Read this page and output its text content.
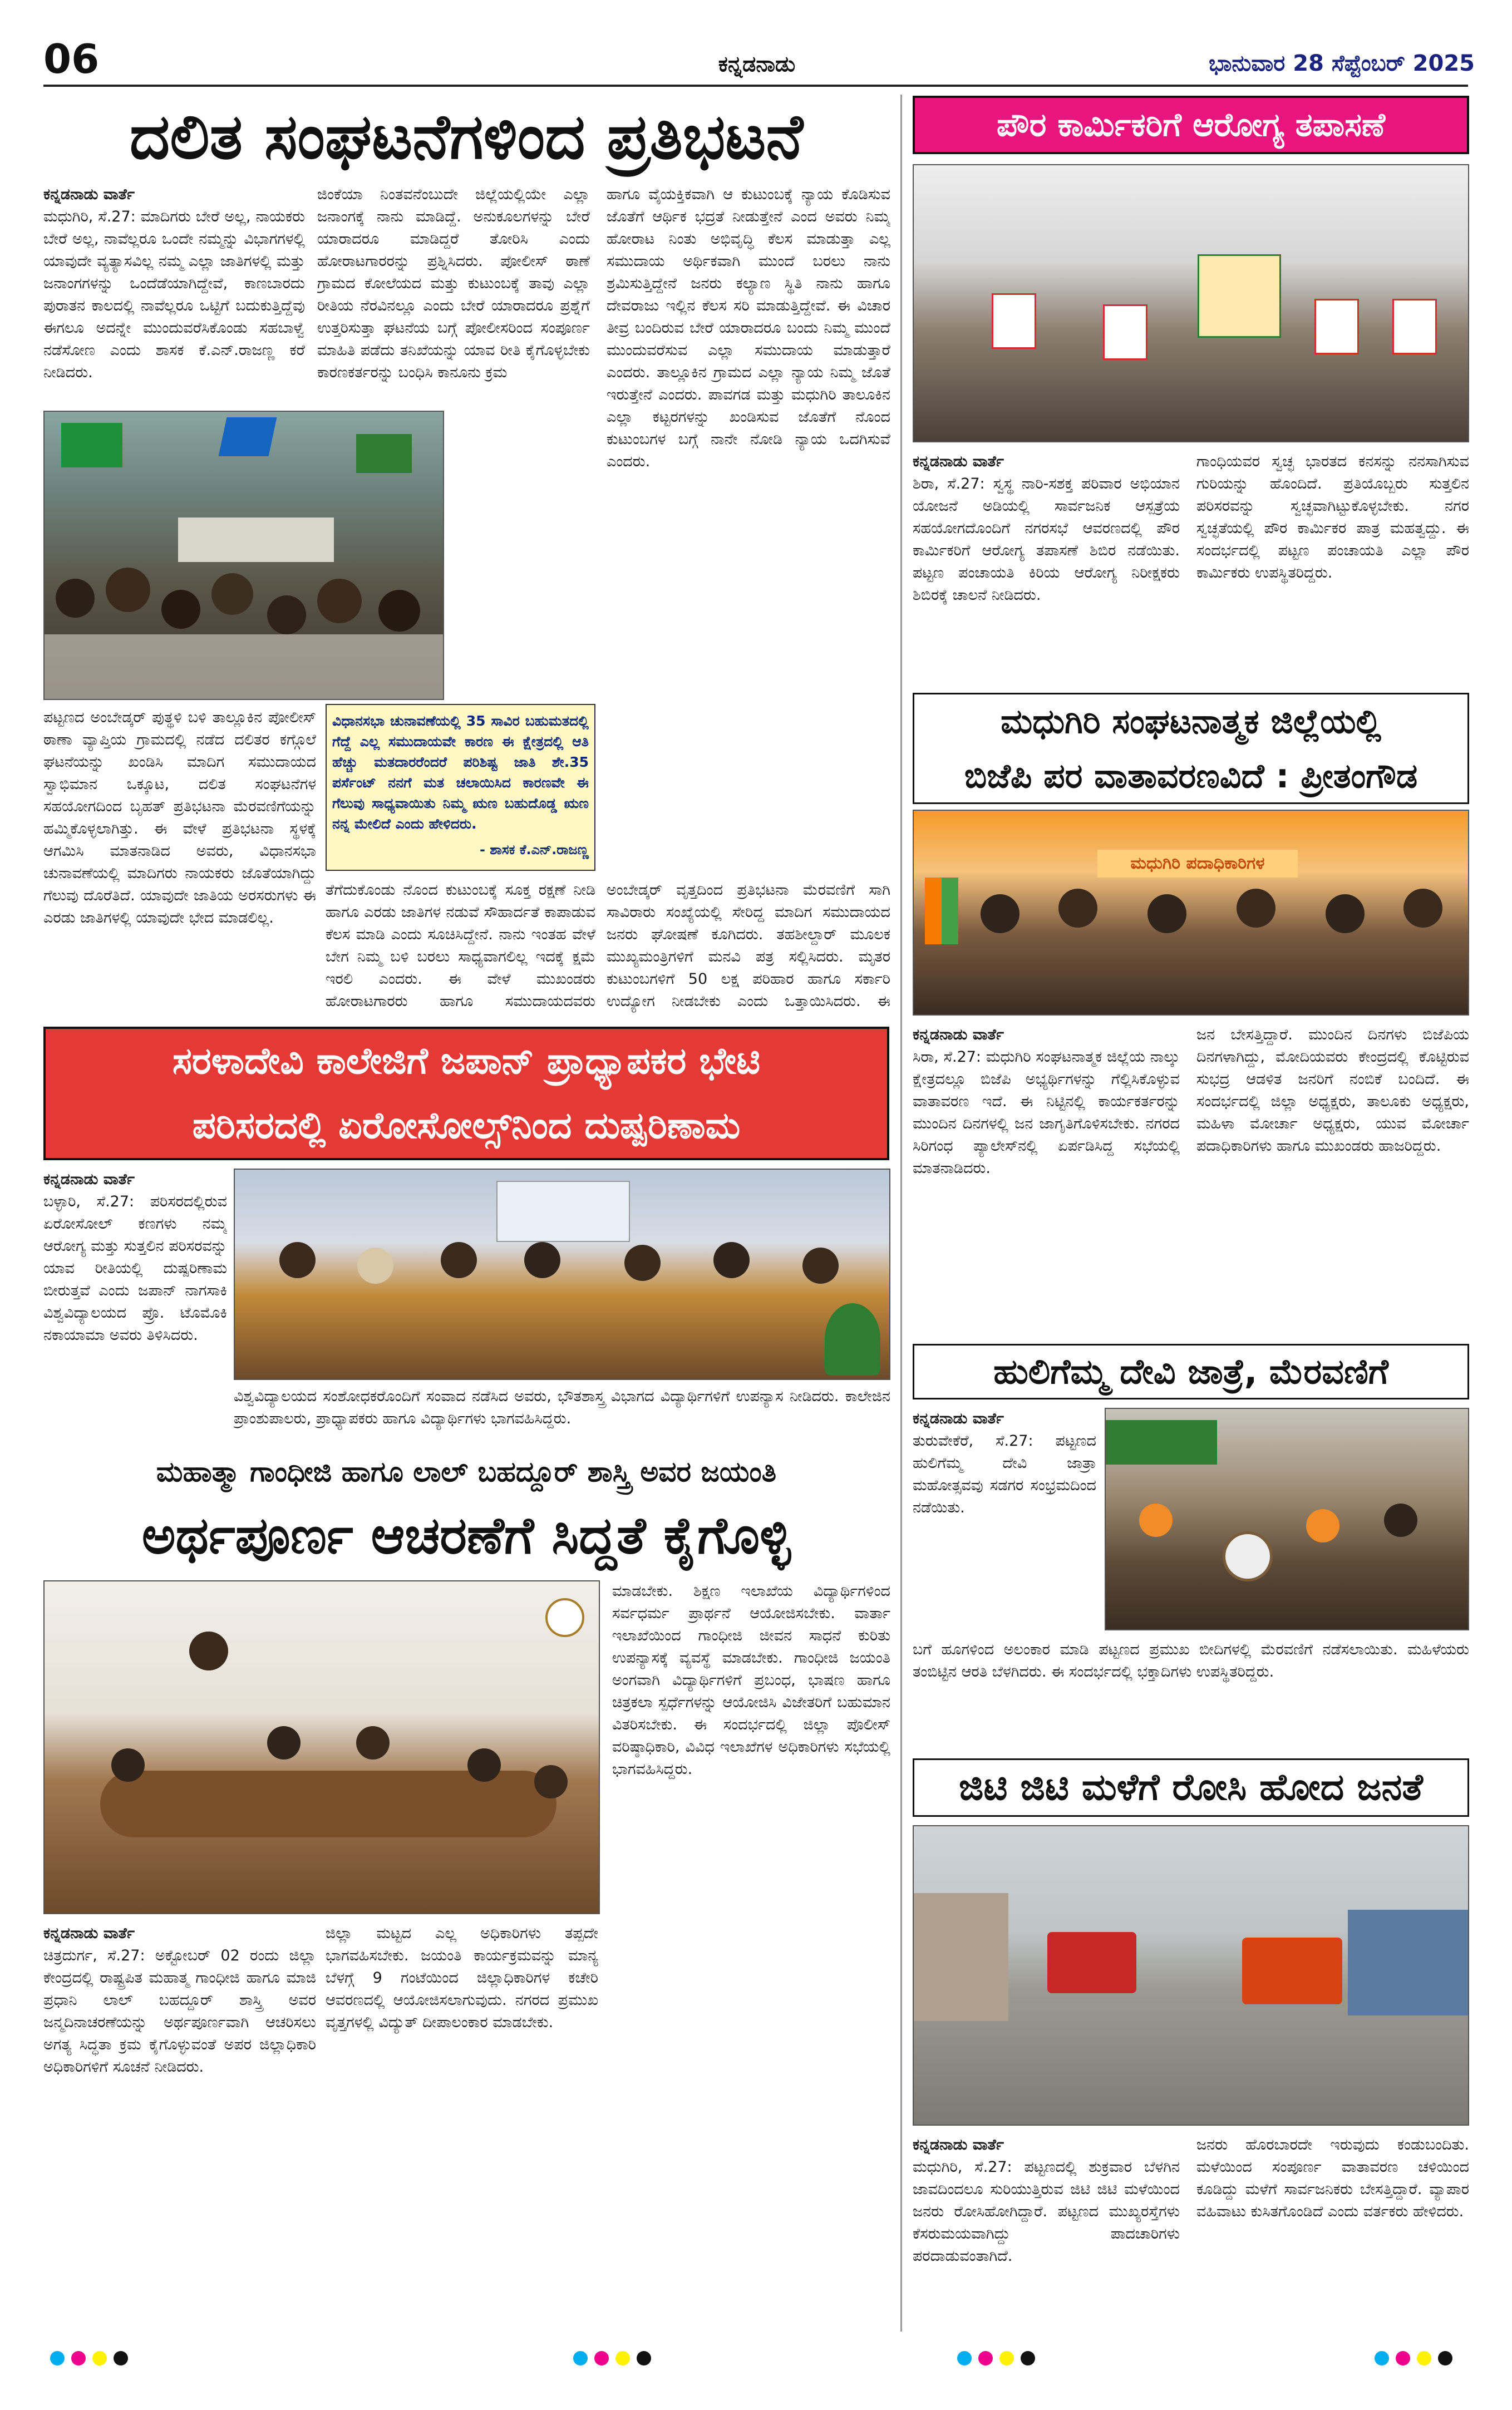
06	ಕನ್ನಡನಾಡು	ಭಾನುವಾರ 28 ಸೆಪ್ಟೆಂಬರ್ 2025
ದಲಿತ ಸಂಘಟನೆಗಳಿಂದ ಪ್ರತಿಭಟನೆ
ಕನ್ನಡನಾಡು ವಾರ್ತೆ
ಮಧುಗಿರಿ, ಸೆ.27: ಮಾದಿಗರು ಬೇರೆ ಅಲ್ಲ, ನಾಯಕರು ಬೇರೆ ಅಲ್ಲ, ನಾವೆಲ್ಲರೂ ಒಂದೇ ನಮ್ಮನ್ನು ವಿಭಾಗಗಳಲ್ಲಿ ಯಾವುದೇ ವ್ಯತ್ಯಾಸವಿಲ್ಲ ನಮ್ಮ ಎಲ್ಲಾ ಜಾತಿಗಳಲ್ಲಿ ಮತ್ತು ಜನಾಂಗಗಳನ್ನು ಒಂದೆಡೆಯಾಗಿದ್ದೇವೆ, ಕಾಣಬಾರದು ಪುರಾತನ ಕಾಲದಲ್ಲಿ ನಾವೆಲ್ಲರೂ ಒಟ್ಟಿಗೆ ಬದುಕುತ್ತಿದ್ದೆವು ಈಗಲೂ ಅದನ್ನೇ ಮುಂದುವರೆಸಿಕೊಂಡು ಸಹಬಾಳ್ವೆ ನಡೆಸೋಣ ಎಂದು ಶಾಸಕ ಕೆ.ಎನ್.ರಾಜಣ್ಣ ಕರೆ ನೀಡಿದರು.
ಜಿಂಕೆಯಾ ನಿಂತವನೆಂಬುದೇ ಜಿಲ್ಲೆಯಲ್ಲಿಯೇ ಎಲ್ಲಾ ಜನಾಂಗಕ್ಕೆ ನಾನು ಮಾಡಿದ್ದೆ. ಅನುಕೂಲಗಳನ್ನು ಬೇರೆ ಯಾರಾದರೂ ಮಾಡಿದ್ದರೆ ತೋರಿಸಿ ಎಂದು ಹೋರಾಟಗಾರರನ್ನು ಪ್ರಶ್ನಿಸಿದರು. ಪೋಲೀಸ್ ಠಾಣೆ ಗ್ರಾಮದ ಕೋಲೆಯದ ಮತ್ತು ಕುಟುಂಬಕ್ಕೆ ತಾವು ಎಲ್ಲಾ ರೀತಿಯ ನೆರವಿನಲ್ಲೂ ಎಂದು ಬೇರೆ ಯಾರಾದರೂ ಪ್ರಶ್ನೆಗೆ ಉತ್ತರಿಸುತ್ತಾ ಘಟನೆಯ ಬಗ್ಗೆ ಪೋಲೀಸರಿಂದ ಸಂಪೂರ್ಣ ಮಾಹಿತಿ ಪಡೆದು ತನಿಖೆಯನ್ನು ಯಾವ ರೀತಿ ಕೈಗೊಳ್ಳಬೇಕು ಕಾರಣಕರ್ತರನ್ನು ಬಂಧಿಸಿ ಕಾನೂನು ಕ್ರಮ
ವಿಧಾನಸಭಾ ಚುನಾವಣೆಯಲ್ಲಿ 35 ಸಾವಿರ ಬಹುಮತದಲ್ಲಿ ಗೆದ್ದೆ ಎಲ್ಲ ಸಮುದಾಯವೇ ಕಾರಣ ಈ ಕ್ಷೇತ್ರದಲ್ಲಿ ಆತಿ ಹೆಚ್ಚು ಮತದಾರರೆಂದರೆ ಪರಿಶಿಷ್ಟ ಜಾತಿ ಶೇ.35 ಪರ್ಸೆಂಟ್ ನನಗೆ ಮತ ಚಲಾಯಿಸಿದ ಕಾರಣವೇ ಈ ಗೆಲುವು ಸಾಧ್ಯವಾಯಿತು ನಿಮ್ಮ ಋಣ ಬಹುದೊಡ್ಡ ಋಣ ನನ್ನ ಮೇಲಿದೆ ಎಂದು ಹೇಳಿದರು.
- ಶಾಸಕ ಕೆ.ಎನ್.ರಾಜಣ್ಣ
ಹಾಗೂ ವೈಯಕ್ತಿಕವಾಗಿ ಆ ಕುಟುಂಬಕ್ಕೆ ನ್ಯಾಯ ಕೊಡಿಸುವ ಜೊತೆಗೆ ಆರ್ಥಿಕ ಭದ್ರತೆ ನೀಡುತ್ತೇನೆ ಎಂದ ಅವರು ನಿಮ್ಮ ಹೋರಾಟ ನಿಂತು ಅಭಿವೃದ್ಧಿ ಕೆಲಸ ಮಾಡುತ್ತಾ ಎಲ್ಲ ಸಮುದಾಯ ಅರ್ಥಿಕವಾಗಿ ಮುಂದೆ ಬರಲು ನಾನು ಶ್ರಮಿಸುತ್ತಿದ್ದೇನೆ ಜನರು ಕಲ್ಯಾಣ ಸ್ಥಿತಿ ನಾನು ಹಾಗೂ ದೇವರಾಜು ಇಲ್ಲಿನ ಕೆಲಸ ಸರಿ ಮಾಡುತ್ತಿದ್ದೇವೆ. ಈ ವಿಚಾರ ತೀವ್ರ ಬಂದಿರುವ ಬೇರೆ ಯಾರಾದರೂ ಬಂದು ನಿಮ್ಮ ಮುಂದೆ ಮುಂದುವರೆಸುವ ಎಲ್ಲಾ ಸಮುದಾಯ ಮಾಡುತ್ತಾರೆ ಎಂದರು. ತಾಲ್ಲೂಕಿನ ಗ್ರಾಮದ ಎಲ್ಲಾ ನ್ಯಾಯ ನಿಮ್ಮ ಜೊತೆ ಇರುತ್ತೇನೆ ಎಂದರು. ಪಾವಗಡ ಮತ್ತು ಮಧುಗಿರಿ ತಾಲೂಕಿನ ಎಲ್ಲಾ ಕಟ್ಟರಗಳನ್ನು ಖಂಡಿಸುವ ಜೊತೆಗೆ ನೊಂದ ಕುಟುಂಬಗಳ ಬಗ್ಗೆ ನಾನೇ ನೋಡಿ ನ್ಯಾಯ ಒದಗಿಸುವೆ ಎಂದರು.
ಪಟ್ಟಣದ ಅಂಬೇಡ್ಕರ್ ಪುತ್ಥಳಿ ಬಳಿ ತಾಲ್ಲೂಕಿನ ಪೋಲೀಸ್ ಠಾಣಾ ವ್ಯಾಪ್ತಿಯ ಗ್ರಾಮದಲ್ಲಿ ನಡೆದ ದಲಿತರ ಕಗ್ಗೊಲೆ ಘಟನೆಯನ್ನು ಖಂಡಿಸಿ ಮಾದಿಗ ಸಮುದಾಯದ ಸ್ವಾಭಿಮಾನ ಒಕ್ಕೂಟ, ದಲಿತ ಸಂಘಟನೆಗಳ ಸಹಯೋಗದಿಂದ ಬೃಹತ್ ಪ್ರತಿಭಟನಾ ಮೆರವಣಿಗೆಯನ್ನು ಹಮ್ಮಿಕೊಳ್ಳಲಾಗಿತ್ತು. ಈ ವೇಳೆ ಪ್ರತಿಭಟನಾ ಸ್ಥಳಕ್ಕೆ ಆಗಮಿಸಿ ಮಾತನಾಡಿದ ಅವರು, ವಿಧಾನಸಭಾ ಚುನಾವಣೆಯಲ್ಲಿ ಮಾದಿಗರು ನಾಯಕರು ಜೊತೆಯಾಗಿದ್ದು ಗೆಲುವು ದೊರೆತಿದೆ. ಯಾವುದೇ ಜಾತಿಯ ಅರಸರುಗಳು ಈ ಎರಡು ಜಾತಿಗಳಲ್ಲಿ ಯಾವುದೇ ಭೇದ ಮಾಡಲಿಲ್ಲ.
ತೆಗೆದುಕೊಂಡು ನೊಂದ ಕುಟುಂಬಕ್ಕೆ ಸೂಕ್ತ ರಕ್ಷಣೆ ನೀಡಿ ಹಾಗೂ ಎರಡು ಜಾತಿಗಳ ನಡುವೆ ಸೌಹಾರ್ದತೆ ಕಾಪಾಡುವ ಕೆಲಸ ಮಾಡಿ ಎಂದು ಸೂಚಿಸಿದ್ದೇನೆ. ನಾನು ಇಂತಹ ವೇಳೆ ಬೇಗ ನಿಮ್ಮ ಬಳಿ ಬರಲು ಸಾಧ್ಯವಾಗಲಿಲ್ಲ ಇದಕ್ಕೆ ಕ್ಷಮೆ ಇರಲಿ ಎಂದರು. ಈ ವೇಳೆ ಮುಖಂಡರು ಹೋರಾಟಗಾರರು ಹಾಗೂ ಸಮುದಾಯದವರು
ಅಂಬೇಡ್ಕರ್ ವೃತ್ತದಿಂದ ಪ್ರತಿಭಟನಾ ಮೆರವಣಿಗೆ ಸಾಗಿ ಸಾವಿರಾರು ಸಂಖ್ಯೆಯಲ್ಲಿ ಸೇರಿದ್ದ ಮಾದಿಗ ಸಮುದಾಯದ ಜನರು ಘೋಷಣೆ ಕೂಗಿದರು. ತಹಶೀಲ್ದಾರ್ ಮೂಲಕ ಮುಖ್ಯಮಂತ್ರಿಗಳಿಗೆ ಮನವಿ ಪತ್ರ ಸಲ್ಲಿಸಿದರು. ಮೃತರ ಕುಟುಂಬಗಳಿಗೆ 50 ಲಕ್ಷ ಪರಿಹಾರ ಹಾಗೂ ಸರ್ಕಾರಿ ಉದ್ಯೋಗ ನೀಡಬೇಕು ಎಂದು ಒತ್ತಾಯಿಸಿದರು. ಈ
ಪೌರ ಕಾರ್ಮಿಕರಿಗೆ ಆರೋಗ್ಯ ತಪಾಸಣೆ
ಕನ್ನಡನಾಡು ವಾರ್ತೆ
ಶಿರಾ, ಸೆ.27: ಸ್ವಸ್ಥ ನಾರಿ-ಸಶಕ್ತ ಪರಿವಾರ ಅಭಿಯಾನ ಯೋಜನೆ ಅಡಿಯಲ್ಲಿ ಸಾರ್ವಜನಿಕ ಆಸ್ಪತ್ರೆಯ ಸಹಯೋಗದೊಂದಿಗೆ ನಗರಸಭೆ ಆವರಣದಲ್ಲಿ ಪೌರ ಕಾರ್ಮಿಕರಿಗೆ ಆರೋಗ್ಯ ತಪಾಸಣೆ ಶಿಬಿರ ನಡೆಯಿತು. ಪಟ್ಟಣ ಪಂಚಾಯತಿ ಕಿರಿಯ ಆರೋಗ್ಯ ನಿರೀಕ್ಷಕರು ಶಿಬಿರಕ್ಕೆ ಚಾಲನೆ ನೀಡಿದರು.
ಗಾಂಧಿಯವರ ಸ್ವಚ್ಛ ಭಾರತದ ಕನಸನ್ನು ನನಸಾಗಿಸುವ ಗುರಿಯನ್ನು ಹೊಂದಿದೆ. ಪ್ರತಿಯೊಬ್ಬರು ಸುತ್ತಲಿನ ಪರಿಸರವನ್ನು ಸ್ವಚ್ಛವಾಗಿಟ್ಟುಕೊಳ್ಳಬೇಕು. ನಗರ ಸ್ವಚ್ಛತೆಯಲ್ಲಿ ಪೌರ ಕಾರ್ಮಿಕರ ಪಾತ್ರ ಮಹತ್ವದ್ದು. ಈ ಸಂದರ್ಭದಲ್ಲಿ ಪಟ್ಟಣ ಪಂಚಾಯತಿ ಎಲ್ಲಾ ಪೌರ ಕಾರ್ಮಿಕರು ಉಪಸ್ಥಿತರಿದ್ದರು.
ಮಧುಗಿರಿ ಸಂಘಟನಾತ್ಮಕ ಜಿಲ್ಲೆಯಲ್ಲಿ
ಬಿಜೆಪಿ ಪರ ವಾತಾವರಣವಿದೆ : ಪ್ರೀತಂಗೌಡ
ಮಧುಗಿರಿ ಪದಾಧಿಕಾರಿಗಳ
ಕನ್ನಡನಾಡು ವಾರ್ತೆ
ಸಿರಾ, ಸೆ.27: ಮಧುಗಿರಿ ಸಂಘಟನಾತ್ಮಕ ಜಿಲ್ಲೆಯ ನಾಲ್ಕು ಕ್ಷೇತ್ರದಲ್ಲೂ ಬಿಜೆಪಿ ಅಭ್ಯರ್ಥಿಗಳನ್ನು ಗೆಲ್ಲಿಸಿಕೊಳ್ಳುವ ವಾತಾವರಣ ಇದೆ. ಈ ನಿಟ್ಟಿನಲ್ಲಿ ಕಾರ್ಯಕರ್ತರನ್ನು ಮುಂದಿನ ದಿನಗಳಲ್ಲಿ ಜನ ಜಾಗೃತಿಗೊಳಿಸಬೇಕು. ನಗರದ ಸಿರಿಗಂಧ ಪ್ಯಾಲೇಸ್‌ನಲ್ಲಿ ಏರ್ಪಡಿಸಿದ್ದ ಸಭೆಯಲ್ಲಿ ಮಾತನಾಡಿದರು.
ಜನ ಬೇಸತ್ತಿದ್ದಾರೆ. ಮುಂದಿನ ದಿನಗಳು ಬಿಜೆಪಿಯ ದಿನಗಳಾಗಿದ್ದು, ಮೋದಿಯವರು ಕೇಂದ್ರದಲ್ಲಿ ಕೊಟ್ಟಿರುವ ಸುಭದ್ರ ಆಡಳಿತ ಜನರಿಗೆ ನಂಬಿಕೆ ಬಂದಿದೆ. ಈ ಸಂದರ್ಭದಲ್ಲಿ ಜಿಲ್ಲಾ ಅಧ್ಯಕ್ಷರು, ತಾಲೂಕು ಅಧ್ಯಕ್ಷರು, ಮಹಿಳಾ ಮೋರ್ಚಾ ಅಧ್ಯಕ್ಷರು, ಯುವ ಮೋರ್ಚಾ ಪದಾಧಿಕಾರಿಗಳು ಹಾಗೂ ಮುಖಂಡರು ಹಾಜರಿದ್ದರು.
ಸರಳಾದೇವಿ ಕಾಲೇಜಿಗೆ ಜಪಾನ್ ಪ್ರಾಧ್ಯಾಪಕರ ಭೇಟಿ
ಪರಿಸರದಲ್ಲಿ ಏರೋಸೋಲ್ಸ್‌ನಿಂದ ದುಷ್ಪರಿಣಾಮ
ಕನ್ನಡನಾಡು ವಾರ್ತೆ
ಬಳ್ಳಾರಿ, ಸೆ.27: ಪರಿಸರದಲ್ಲಿರುವ ಏರೋಸೋಲ್ ಕಣಗಳು ನಮ್ಮ ಆರೋಗ್ಯ ಮತ್ತು ಸುತ್ತಲಿನ ಪರಿಸರವನ್ನು ಯಾವ ರೀತಿಯಲ್ಲಿ ದುಷ್ಪರಿಣಾಮ ಬೀರುತ್ತವೆ ಎಂದು ಜಪಾನ್ ನಾಗಸಾಕಿ ವಿಶ್ವವಿದ್ಯಾಲಯದ ಪ್ರೊ. ಟೊಮೊಕಿ ನಕಾಯಾಮಾ ಅವರು ತಿಳಿಸಿದರು.
ವಿಶ್ವವಿದ್ಯಾಲಯದ ಸಂಶೋಧಕರೊಂದಿಗೆ ಸಂವಾದ ನಡೆಸಿದ ಅವರು, ಭೌತಶಾಸ್ತ್ರ ವಿಭಾಗದ ವಿದ್ಯಾರ್ಥಿಗಳಿಗೆ ಉಪನ್ಯಾಸ ನೀಡಿದರು. ಕಾಲೇಜಿನ ಪ್ರಾಂಶುಪಾಲರು, ಪ್ರಾಧ್ಯಾಪಕರು ಹಾಗೂ ವಿದ್ಯಾರ್ಥಿಗಳು ಭಾಗವಹಿಸಿದ್ದರು.
ಹುಲಿಗೆಮ್ಮ ದೇವಿ ಜಾತ್ರೆ, ಮೆರವಣಿಗೆ
ಕನ್ನಡನಾಡು ವಾರ್ತೆ
ತುರುವೇಕೆರೆ, ಸೆ.27: ಪಟ್ಟಣದ ಹುಲಿಗೆಮ್ಮ ದೇವಿ ಜಾತ್ರಾ ಮಹೋತ್ಸವವು ಸಡಗರ ಸಂಭ್ರಮದಿಂದ ನಡೆಯಿತು.
ಬಗೆ ಹೂಗಳಿಂದ ಅಲಂಕಾರ ಮಾಡಿ ಪಟ್ಟಣದ ಪ್ರಮುಖ ಬೀದಿಗಳಲ್ಲಿ ಮೆರವಣಿಗೆ ನಡೆಸಲಾಯಿತು. ಮಹಿಳೆಯರು ತಂಬಿಟ್ಟಿನ ಆರತಿ ಬೆಳಗಿದರು. ಈ ಸಂದರ್ಭದಲ್ಲಿ ಭಕ್ತಾದಿಗಳು ಉಪಸ್ಥಿತರಿದ್ದರು.
ಮಹಾತ್ಮಾ ಗಾಂಧೀಜಿ ಹಾಗೂ ಲಾಲ್ ಬಹದ್ದೂರ್ ಶಾಸ್ತ್ರಿ ಅವರ ಜಯಂತಿ
ಅರ್ಥಪೂರ್ಣ ಆಚರಣೆಗೆ ಸಿದ್ದತೆ ಕೈಗೊಳ್ಳಿ
ಮಾಡಬೇಕು. ಶಿಕ್ಷಣ ಇಲಾಖೆಯ ವಿದ್ಯಾರ್ಥಿಗಳಿಂದ ಸರ್ವಧರ್ಮ ಪ್ರಾರ್ಥನೆ ಆಯೋಜಿಸಬೇಕು. ವಾರ್ತಾ ಇಲಾಖೆಯಿಂದ ಗಾಂಧೀಜಿ ಜೀವನ ಸಾಧನೆ ಕುರಿತು ಉಪನ್ಯಾಸಕ್ಕೆ ವ್ಯವಸ್ಥೆ ಮಾಡಬೇಕು. ಗಾಂಧೀಜಿ ಜಯಂತಿ ಅಂಗವಾಗಿ ವಿದ್ಯಾರ್ಥಿಗಳಿಗೆ ಪ್ರಬಂಧ, ಭಾಷಣ ಹಾಗೂ ಚಿತ್ರಕಲಾ ಸ್ಪರ್ಧೆಗಳನ್ನು ಆಯೋಜಿಸಿ ವಿಜೇತರಿಗೆ ಬಹುಮಾನ ವಿತರಿಸಬೇಕು. ಈ ಸಂದರ್ಭದಲ್ಲಿ ಜಿಲ್ಲಾ ಪೊಲೀಸ್ ವರಿಷ್ಠಾಧಿಕಾರಿ, ವಿವಿಧ ಇಲಾಖೆಗಳ ಅಧಿಕಾರಿಗಳು ಸಭೆಯಲ್ಲಿ ಭಾಗವಹಿಸಿದ್ದರು.
ಕನ್ನಡನಾಡು ವಾರ್ತೆ
ಚಿತ್ರದುರ್ಗ, ಸೆ.27: ಅಕ್ಟೋಬರ್ 02 ರಂದು ಜಿಲ್ಲಾ ಕೇಂದ್ರದಲ್ಲಿ ರಾಷ್ಟ್ರಪಿತ ಮಹಾತ್ಮ ಗಾಂಧೀಜಿ ಹಾಗೂ ಮಾಜಿ ಪ್ರಧಾನಿ ಲಾಲ್ ಬಹದ್ದೂರ್ ಶಾಸ್ತ್ರಿ ಅವರ ಜನ್ಮದಿನಾಚರಣೆಯನ್ನು ಅರ್ಥಪೂರ್ಣವಾಗಿ ಆಚರಿಸಲು ಅಗತ್ಯ ಸಿದ್ಧತಾ ಕ್ರಮ ಕೈಗೊಳ್ಳುವಂತೆ ಅಪರ ಜಿಲ್ಲಾಧಿಕಾರಿ ಅಧಿಕಾರಿಗಳಿಗೆ ಸೂಚನೆ ನೀಡಿದರು.
ಜಿಲ್ಲಾ ಮಟ್ಟದ ಎಲ್ಲ ಅಧಿಕಾರಿಗಳು ತಪ್ಪದೇ ಭಾಗವಹಿಸಬೇಕು. ಜಯಂತಿ ಕಾರ್ಯಕ್ರಮವನ್ನು ಮಾನ್ಯ ಬೆಳಗ್ಗೆ 9 ಗಂಟೆಯಿಂದ ಜಿಲ್ಲಾಧಿಕಾರಿಗಳ ಕಚೇರಿ ಆವರಣದಲ್ಲಿ ಆಯೋಜಿಸಲಾಗುವುದು. ನಗರದ ಪ್ರಮುಖ ವೃತ್ತಗಳಲ್ಲಿ ವಿದ್ಯುತ್ ದೀಪಾಲಂಕಾರ ಮಾಡಬೇಕು.
ಜಿಟಿ ಜಿಟಿ ಮಳೆಗೆ ರೋಸಿ ಹೋದ ಜನತೆ
ಕನ್ನಡನಾಡು ವಾರ್ತೆ
ಮಧುಗಿರಿ, ಸೆ.27: ಪಟ್ಟಣದಲ್ಲಿ ಶುಕ್ರವಾರ ಬೆಳಗಿನ ಜಾವದಿಂದಲೂ ಸುರಿಯುತ್ತಿರುವ ಜಿಟಿ ಜಿಟಿ ಮಳೆಯಿಂದ ಜನರು ರೋಸಿಹೋಗಿದ್ದಾರೆ. ಪಟ್ಟಣದ ಮುಖ್ಯರಸ್ತೆಗಳು ಕೆಸರುಮಯವಾಗಿದ್ದು ಪಾದಚಾರಿಗಳು ಪರದಾಡುವಂತಾಗಿದೆ.
ಜನರು ಹೊರಬಾರದೇ ಇರುವುದು ಕಂಡುಬಂದಿತು. ಮಳೆಯಿಂದ ಸಂಪೂರ್ಣ ವಾತಾವರಣ ಚಳಿಯಿಂದ ಕೂಡಿದ್ದು ಮಳೆಗೆ ಸಾರ್ವಜನಿಕರು ಬೇಸತ್ತಿದ್ದಾರೆ. ವ್ಯಾಪಾರ ವಹಿವಾಟು ಕುಸಿತಗೊಂಡಿದೆ ಎಂದು ವರ್ತಕರು ಹೇಳಿದರು.
